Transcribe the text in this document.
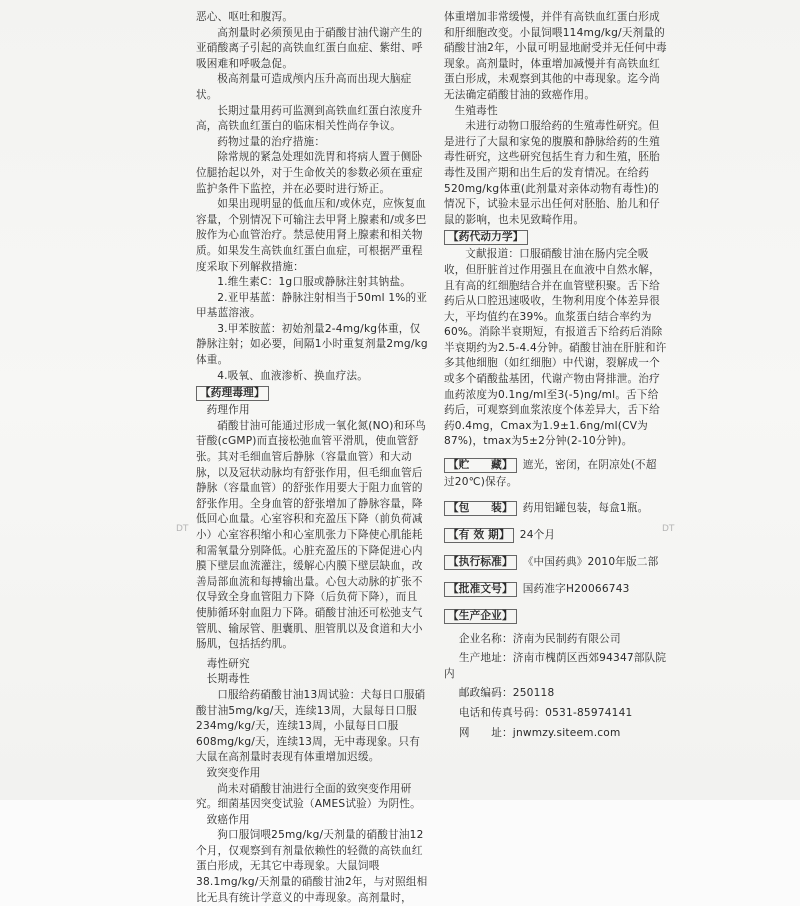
恶心、呕吐和腹泻。

高剂量时必须预见由于硝酸甘油代谢产生的亚硝酸离子引起的高铁血红蛋白血症、紫绀、呼吸困难和呼吸急促。

极高剂量可造成颅内压升高而出现大脑症状。

长期过量用药可监测到高铁血红蛋白浓度升高，高铁血红蛋白的临床相关性尚存争议。

药物过量的治疗措施：

除常规的紧急处理如洗胃和将病人置于侧卧位腿抬起以外，对于生命攸关的参数必须在重症监护条件下监控，并在必要时进行矫正。

如果出现明显的低血压和/或休克，应恢复血容量，个别情况下可输注去甲肾上腺素和/或多巴胺作为心血管治疗。禁忌使用肾上腺素和相关物质。如果发生高铁血红蛋白血症，可根据严重程度采取下列解救措施：

1.维生素C：1g口服或静脉注射其钠盐。

2.亚甲基蓝：静脉注射相当于50ml 1%的亚甲基蓝溶液。

3.甲苯胺蓝：初始剂量2-4mg/kg体重，仅静脉注射；如必要，间隔1小时重复剂量2mg/kg体重。

4.吸氧、血液渗析、换血疗法。

【药理毒理】

药理作用

硝酸甘油可能通过形成一氧化氮(NO)和环鸟苷酸(cGMP)而直接松弛血管平滑肌，使血管舒张。其对毛细血管后静脉（容量血管）和大动脉，以及冠状动脉均有舒张作用，但毛细血管后静脉（容量血管）的舒张作用要大于阻力血管的舒张作用。全身血管的舒张增加了静脉容量，降低回心血量。心室容积和充盈压下降（前负荷减小）心室容积缩小和心室肌张力下降使心肌能耗和需氧量分别降低。心脏充盈压的下降促进心内膜下壁层血流灌注，缓解心内膜下壁层缺血，改善局部血流和每搏输出量。心包大动脉的扩张不仅导致全身血管阻力下降（后负荷下降），而且使肺循环射血阻力下降。硝酸甘油还可松弛支气管肌、输尿管、胆囊肌、胆管肌以及食道和大小肠肌，包括括约肌。

毒性研究

长期毒性

口服给药硝酸甘油13周试验：犬每日口服硝酸甘油5mg/kg/天，连续13周，大鼠每日口服234mg/kg/天，连续13周，小鼠每日口服608mg/kg/天，连续13周，无中毒现象。只有大鼠在高剂量时表现有体重增加迟缓。

致突变作用

尚未对硝酸甘油进行全面的致突变作用研究。细菌基因突变试验（AMES试验）为阴性。

致癌作用

狗口服饲喂25mg/kg/天剂量的硝酸甘油12个月，仅观察到有剂量依赖性的轻微的高铁血红蛋白形成，无其它中毒现象。大鼠饲喂38.1mg/kg/天剂量的硝酸甘油2年，与对照组相比无具有统计学意义的中毒现象。高剂量时，

体重增加非常缓慢，并伴有高铁血红蛋白形成和肝细胞改变。小鼠饲喂114mg/kg/天剂量的硝酸甘油2年，小鼠可明显地耐受并无任何中毒现象。高剂量时，体重增加减慢并有高铁血红蛋白形成，未观察到其他的中毒现象。迄今尚无法确定硝酸甘油的致癌作用。

生殖毒性

未进行动物口服给药的生殖毒性研究。但是进行了大鼠和家兔的腹膜和静脉给药的生殖毒性研究，这些研究包括生育力和生殖，胚胎毒性及围产期和出生后的发育情况。在给药520mg/kg体重(此剂量对亲体动物有毒性)的情况下，试验未显示出任何对胚胎、胎儿和仔鼠的影响，也未见致畸作用。

【药代动力学】

文献报道：口服硝酸甘油在肠内完全吸收，但肝脏首过作用强且在血液中自然水解，且有高的红细胞结合并在血管壁积聚。舌下给药后从口腔迅速吸收，生物利用度个体差异很大，平均值约在39%。血浆蛋白结合率约为60%。消除半衰期短，有报道舌下给药后消除半衰期约为2.5-4.4分钟。硝酸甘油在肝脏和许多其他细胞（如红细胞）中代谢，裂解成一个或多个硝酸盐基团，代谢产物由肾排泄。治疗血药浓度为0.1ng/ml至3(-5)ng/ml。舌下给药后，可观察到血浆浓度个体差异大，舌下给药0.4mg，Cmax为1.9±1.6ng/ml(CV为87%)，tmax为5±2分钟(2-10分钟)。

【贮　　藏】 遮光，密闭，在阴凉处(不超过20℃)保存。
【包　　装】 药用铝罐包装，每盒1瓶。
【有 效 期】 24个月
【执行标准】 《中国药典》2010年版二部
【批准文号】 国药准字H20066743
【生产企业】

企业名称：济南为民制药有限公司

生产地址：济南市槐荫区西郊94347部队院内

邮政编码：250118

电话和传真号码：0531-85974141

网　　址：jnwmzy.siteem.com

DT	DT
